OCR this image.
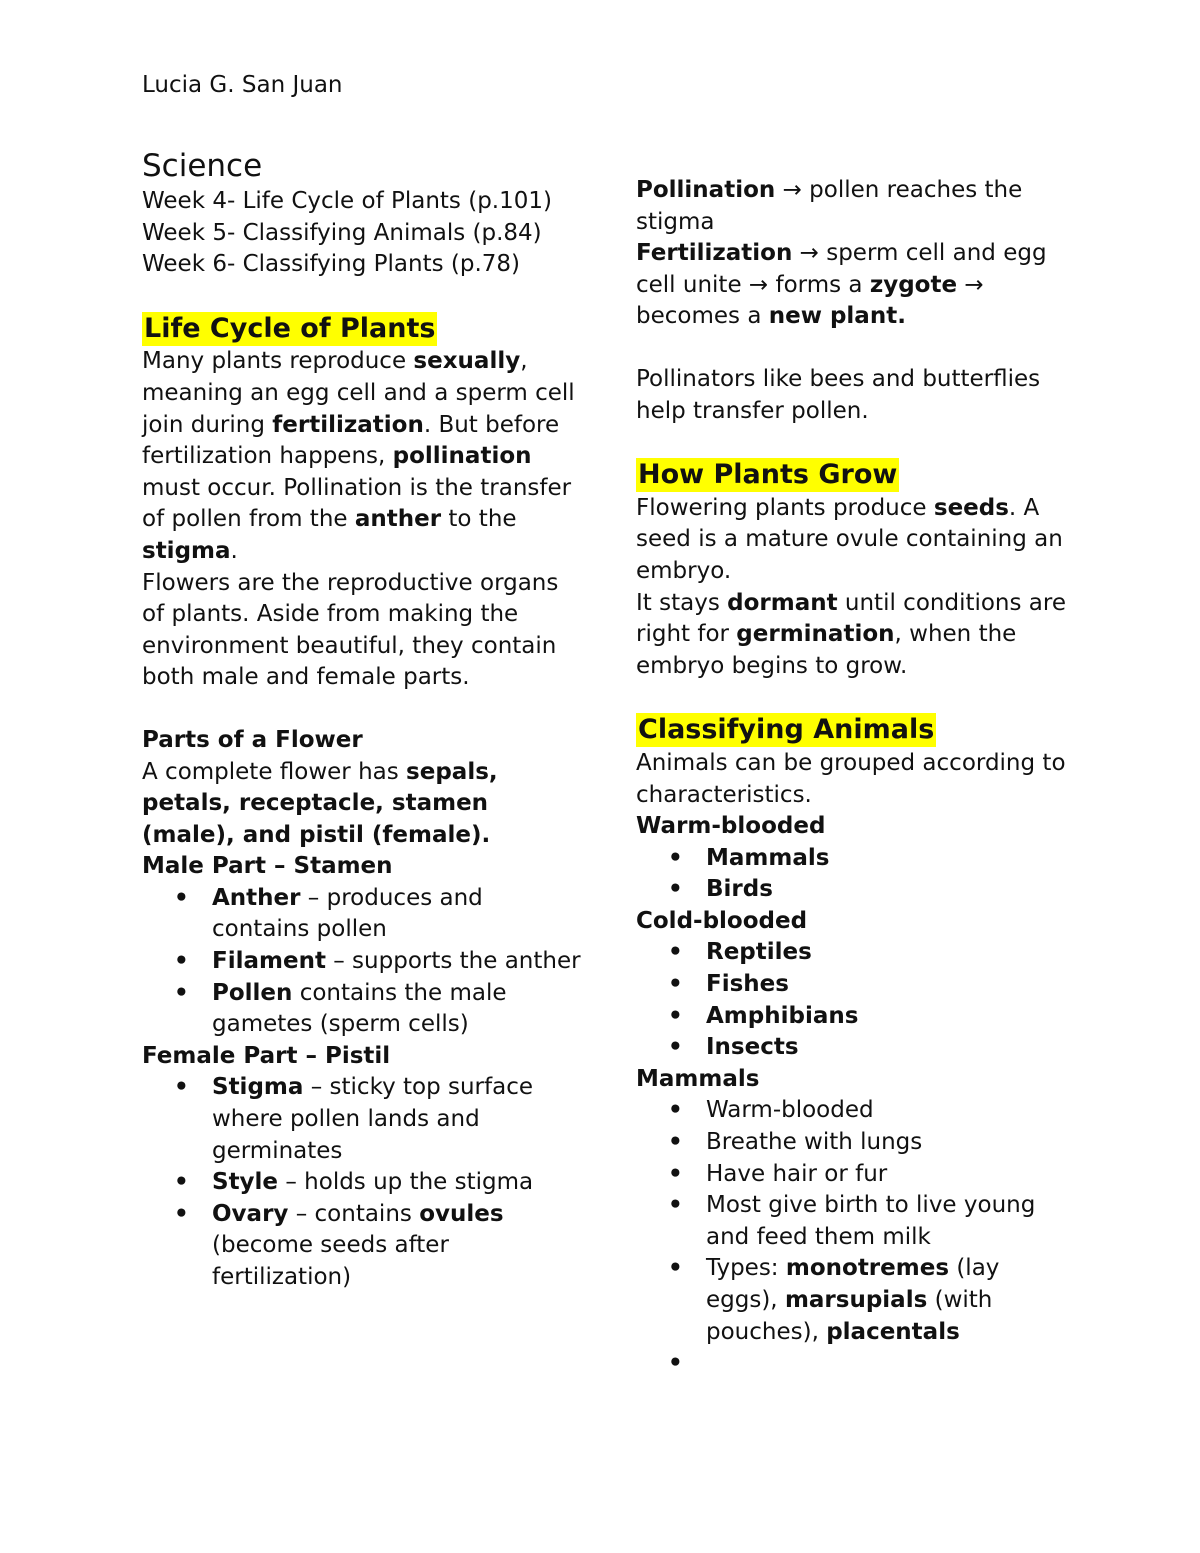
Lucia G. San Juan

Science

Week 4- Life Cycle of Plants (p.101)

Week 5- Classifying Animals (p.84)

Week 6- Classifying Plants (p.78)

Life Cycle of Plants

Many plants reproduce sexually, meaning an egg cell and a sperm cell join during fertilization. But before fertilization happens, pollination must occur. Pollination is the transfer of pollen from the anther to the stigma.

Flowers are the reproductive organs of plants. Aside from making the environment beautiful, they contain both male and female parts.

Parts of a Flower

A complete flower has sepals, petals, receptacle, stamen (male), and pistil (female).

Male Part – Stamen

• Anther – produces and contains pollen
• Filament – supports the anther
• Pollen contains the male gametes (sperm cells)

Female Part – Pistil

• Stigma – sticky top surface where pollen lands and germinates
• Style – holds up the stigma
• Ovary – contains ovules (become seeds after fertilization)

Pollination → pollen reaches the stigma

Fertilization → sperm cell and egg cell unite → forms a zygote → becomes a new plant.

Pollinators like bees and butterflies help transfer pollen.

How Plants Grow

Flowering plants produce seeds. A seed is a mature ovule containing an embryo.

It stays dormant until conditions are right for germination, when the embryo begins to grow.

Classifying Animals

Animals can be grouped according to characteristics.

Warm-blooded

• Mammals
• Birds

Cold-blooded

• Reptiles
• Fishes
• Amphibians
• Insects

Mammals

• Warm-blooded
• Breathe with lungs
• Have hair or fur
• Most give birth to live young and feed them milk
• Types: monotremes (lay eggs), marsupials (with pouches), placentals
•
